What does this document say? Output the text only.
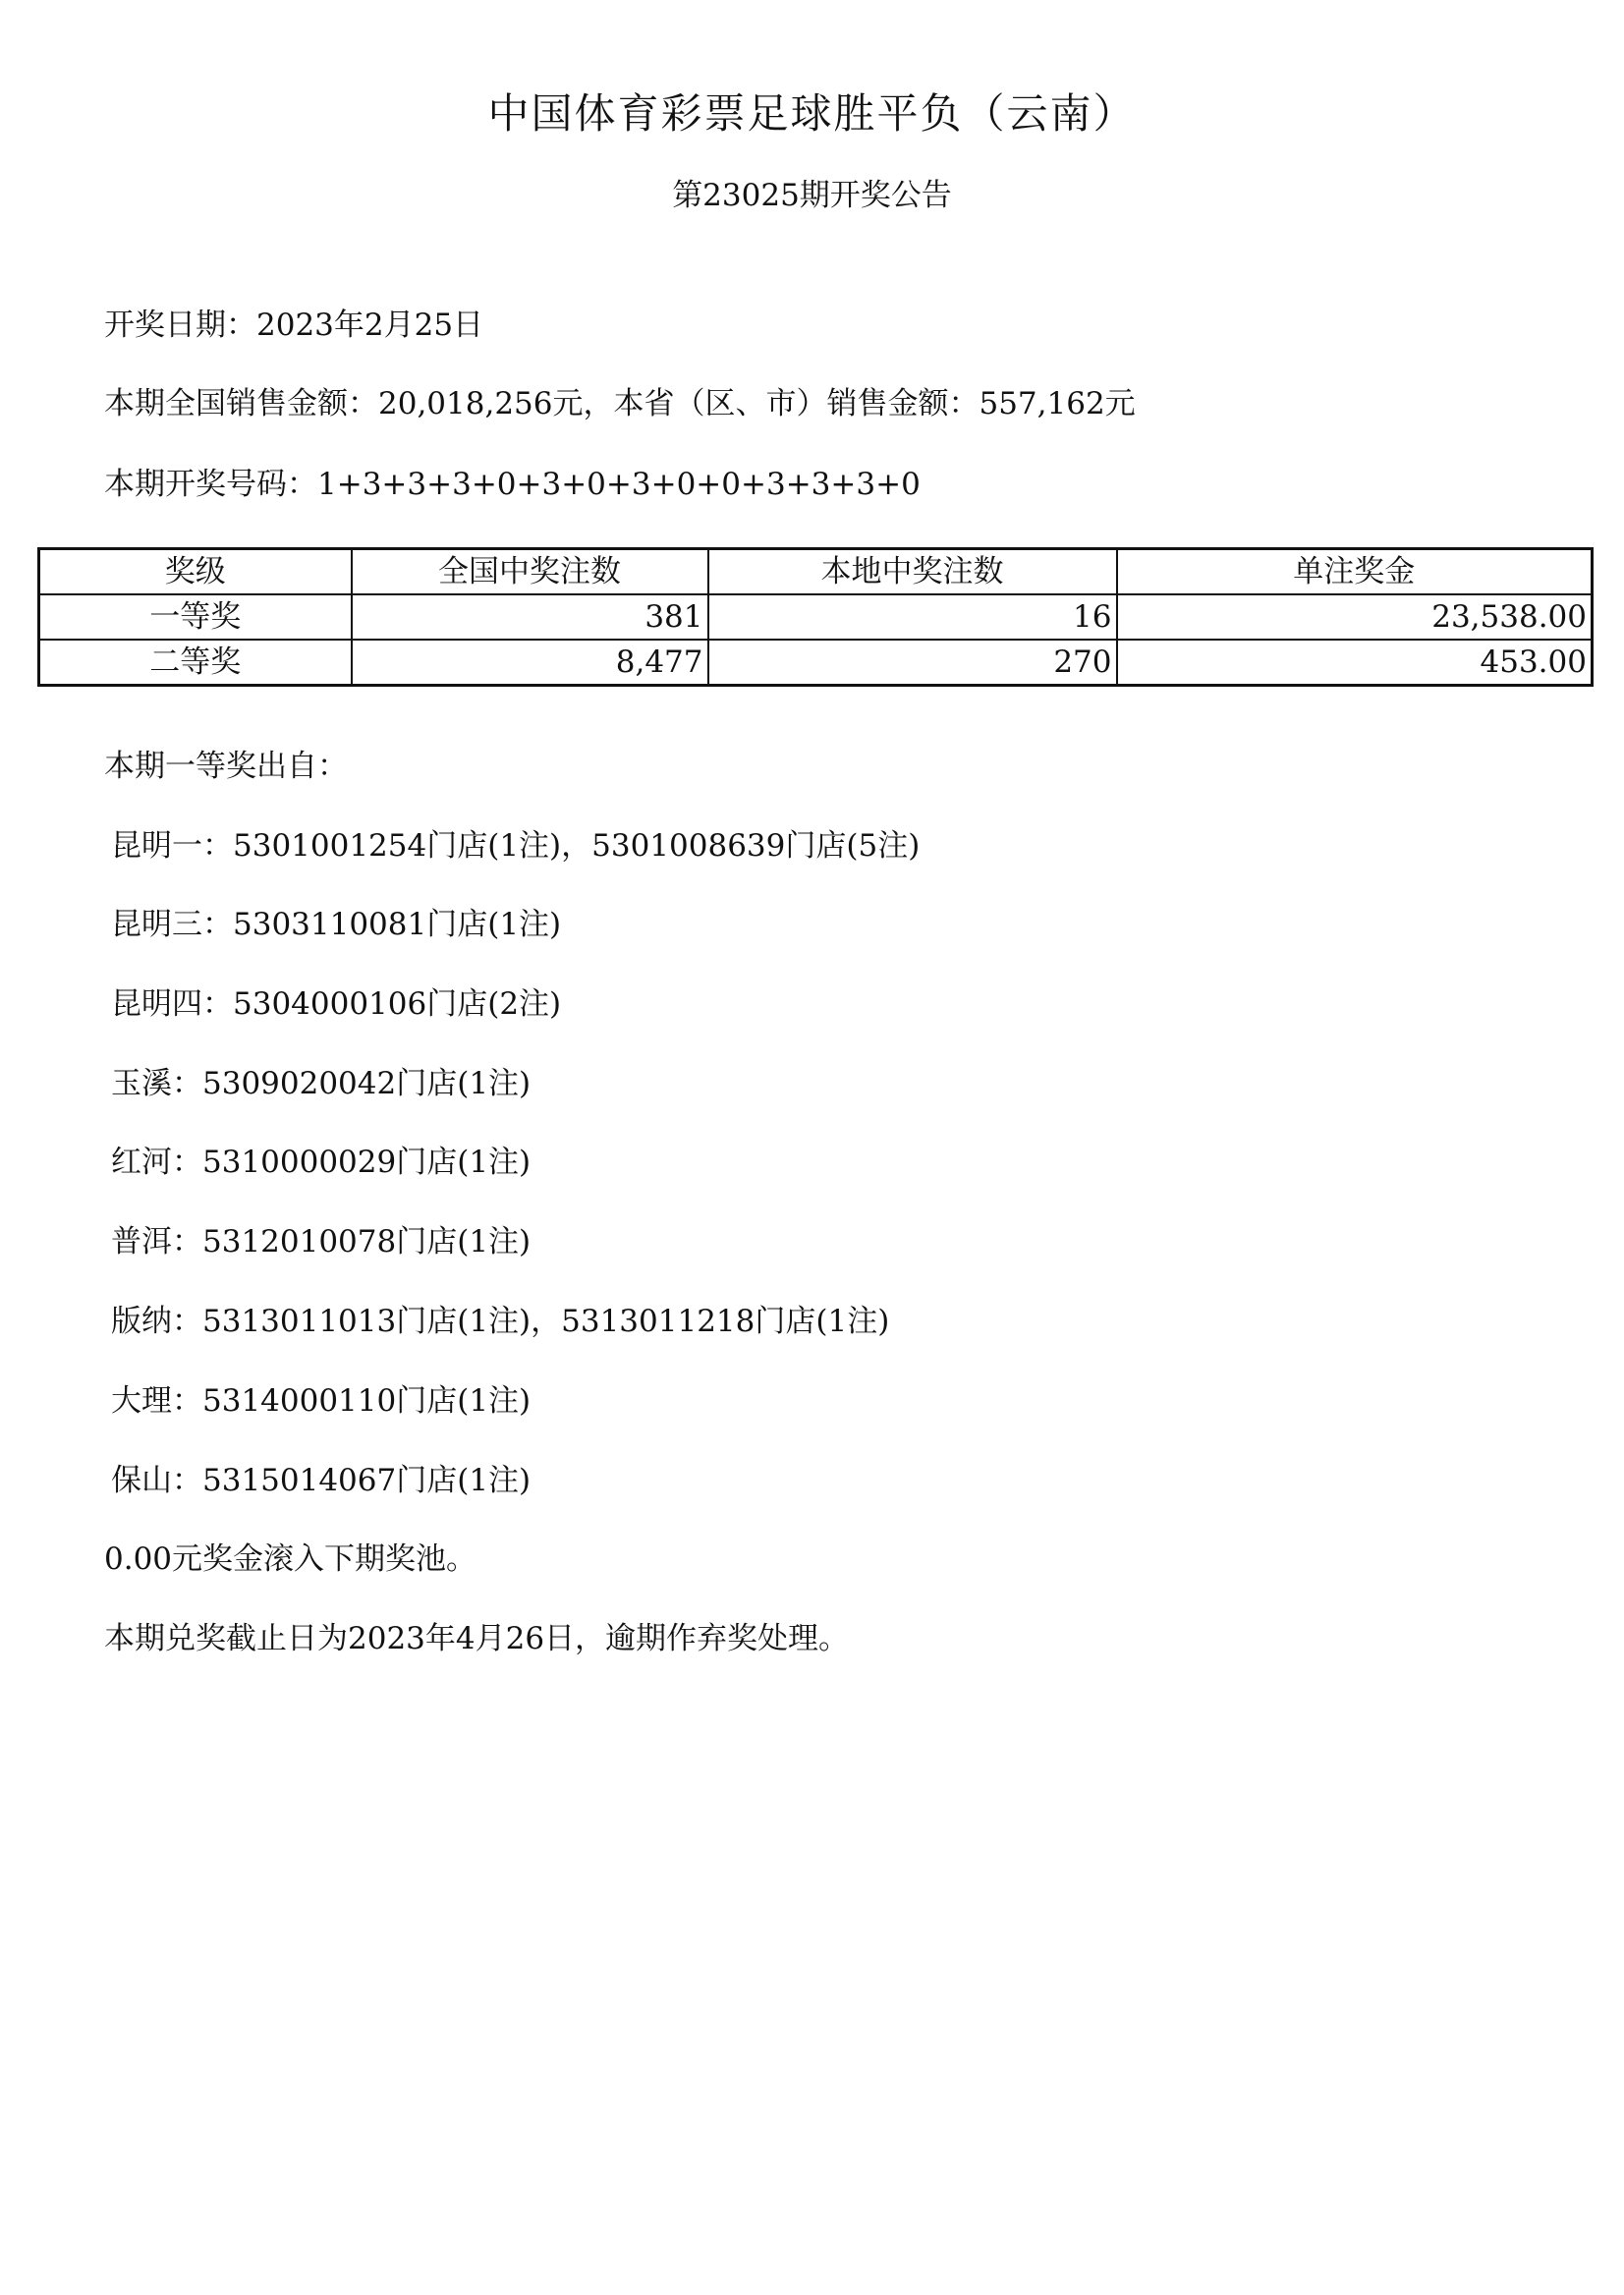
中国体育彩票足球胜平负（云南）
第23025期开奖公告
开奖日期：2023年2月25日
本期全国销售金额：20,018,256元，本省（区、市）销售金额：557,162元
本期开奖号码：1+3+3+3+0+3+0+3+0+0+3+3+3+0
奖级	全国中奖注数	本地中奖注数	单注奖金
一等奖	381	16	23,538.00
二等奖	8,477	270	453.00
本期一等奖出自：
昆明一：5301001254门店(1注)，5301008639门店(5注)
昆明三：5303110081门店(1注)
昆明四：5304000106门店(2注)
玉溪：5309020042门店(1注)
红河：5310000029门店(1注)
普洱：5312010078门店(1注)
版纳：5313011013门店(1注)，5313011218门店(1注)
大理：5314000110门店(1注)
保山：5315014067门店(1注)
0.00元奖金滚入下期奖池。
本期兑奖截止日为2023年4月26日，逾期作弃奖处理。
